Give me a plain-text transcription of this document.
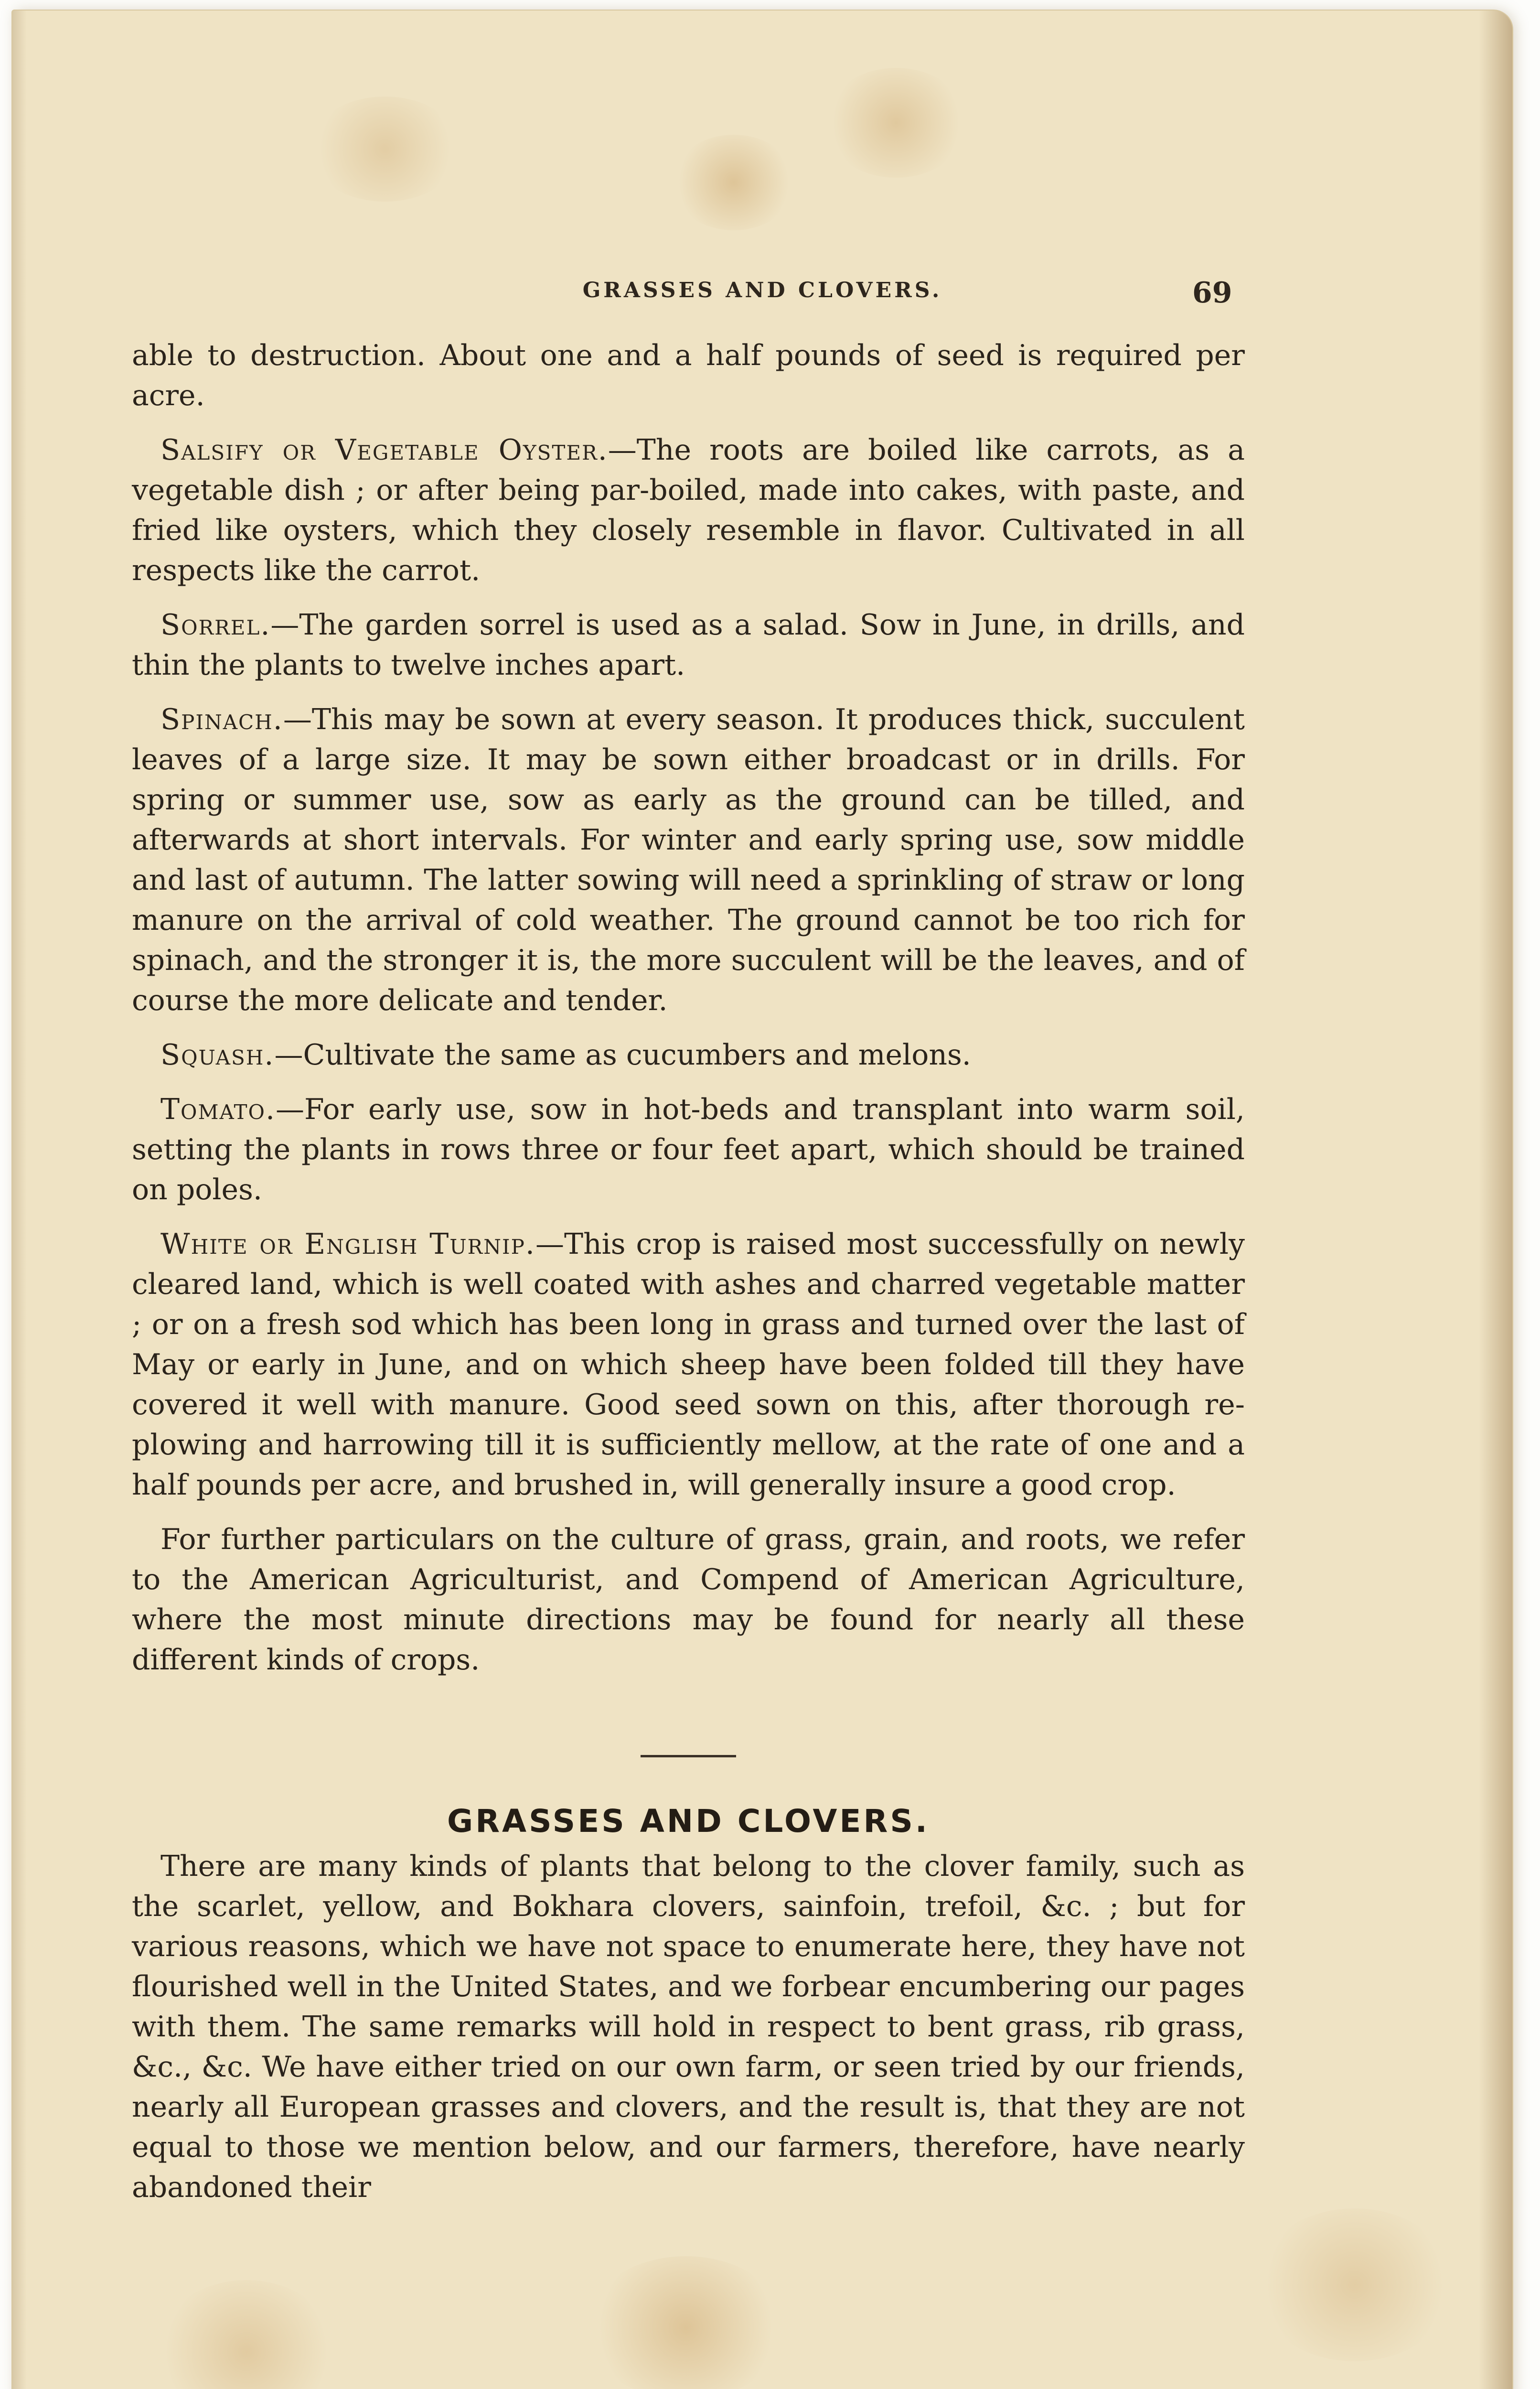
GRASSES AND CLOVERS.	69

able to destruction. About one and a half pounds of seed is required per acre.

Salsify or Vegetable Oyster.—The roots are boiled like carrots, as a vegetable dish ; or after being par-boiled, made into cakes, with paste, and fried like oysters, which they closely resemble in flavor. Cultivated in all respects like the carrot.

Sorrel.—The garden sorrel is used as a salad. Sow in June, in drills, and thin the plants to twelve inches apart.

Spinach.—This may be sown at every season. It produces thick, succulent leaves of a large size. It may be sown either broadcast or in drills. For spring or summer use, sow as early as the ground can be tilled, and afterwards at short intervals. For winter and early spring use, sow middle and last of autumn. The latter sowing will need a sprinkling of straw or long manure on the arrival of cold weather. The ground cannot be too rich for spinach, and the stronger it is, the more succulent will be the leaves, and of course the more delicate and tender.

Squash.—Cultivate the same as cucumbers and melons.

Tomato.—For early use, sow in hot-beds and transplant into warm soil, setting the plants in rows three or four feet apart, which should be trained on poles.

White or English Turnip.—This crop is raised most successfully on newly cleared land, which is well coated with ashes and charred vegetable matter ; or on a fresh sod which has been long in grass and turned over the last of May or early in June, and on which sheep have been folded till they have covered it well with manure. Good seed sown on this, after thorough re-plowing and harrowing till it is sufficiently mellow, at the rate of one and a half pounds per acre, and brushed in, will generally insure a good crop.

For further particulars on the culture of grass, grain, and roots, we refer to the American Agriculturist, and Compend of American Agriculture, where the most minute directions may be found for nearly all these different kinds of crops.

GRASSES AND CLOVERS.

There are many kinds of plants that belong to the clover family, such as the scarlet, yellow, and Bokhara clovers, sainfoin, trefoil, &c. ; but for various reasons, which we have not space to enumerate here, they have not flourished well in the United States, and we forbear encumbering our pages with them. The same remarks will hold in respect to bent grass, rib grass, &c., &c. We have either tried on our own farm, or seen tried by our friends, nearly all European grasses and clovers, and the result is, that they are not equal to those we mention below, and our farmers, therefore, have nearly abandoned their
